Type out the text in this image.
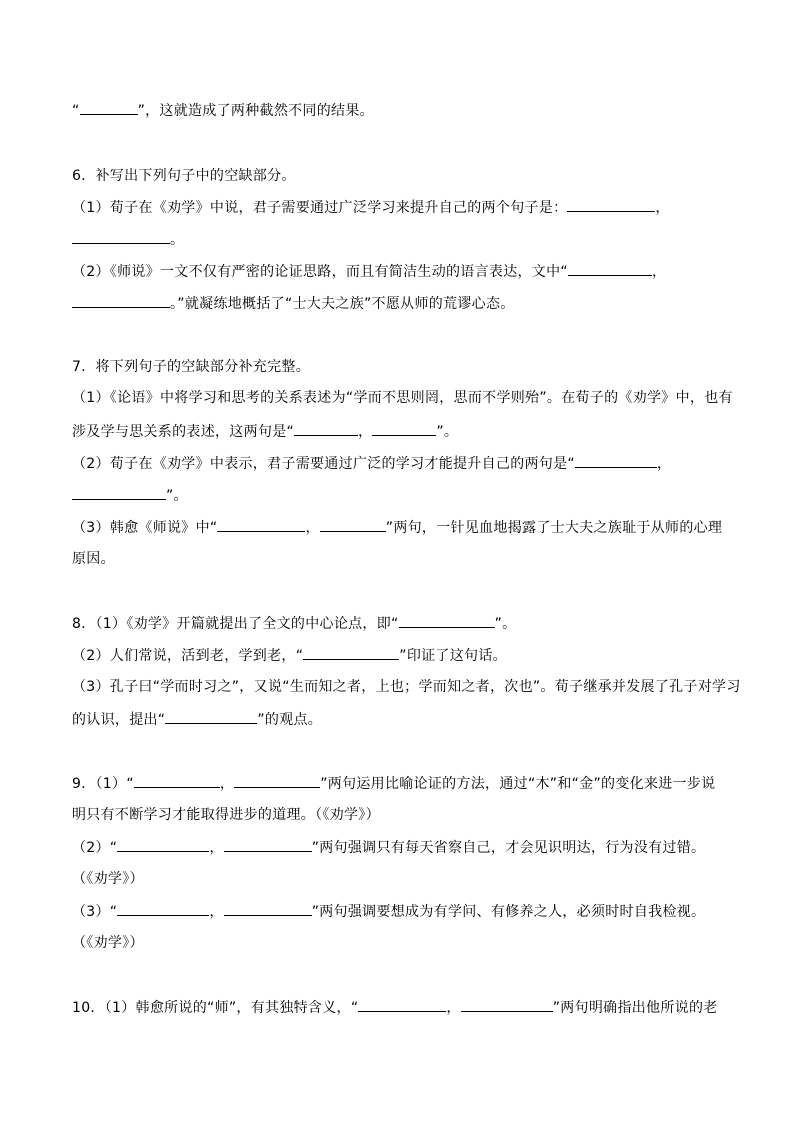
“	”，这就造成了两种截然不同的结果。
6．补写出下列句子中的空缺部分。
（1）荀子在《劝学》中说，君子需要通过广泛学习来提升自己的两个句子是：	，
。
（2）《师说》一文不仅有严密的论证思路，而且有简洁生动的语言表达，文中“	，
。”就凝练地概括了“士大夫之族”不愿从师的荒谬心态。
7．将下列句子的空缺部分补充完整。
（1）《论语》中将学习和思考的关系表述为“学而不思则罔，思而不学则殆”。在荀子的《劝学》中，也有
涉及学与思关系的表述，这两句是“	，	”。
（2）荀子在《劝学》中表示，君子需要通过广泛的学习才能提升自己的两句是“	，
”。
（3）韩愈《师说》中“	，	”两句，一针见血地揭露了士大夫之族耻于从师的心理
原因。
8．（1）《劝学》开篇就提出了全文的中心论点，即“	”。
（2）人们常说，活到老，学到老，“	”印证了这句话。
（3）孔子曰“学而时习之”，又说“生而知之者，上也；学而知之者，次也”。荀子继承并发展了孔子对学习
的认识，提出“	”的观点。
9．（1）“	，	”两句运用比喻论证的方法，通过“木”和“金”的变化来进一步说
明只有不断学习才能取得进步的道理。（《劝学》）
（2）“	，	”两句强调只有每天省察自己，才会见识明达，行为没有过错。
（《劝学》）
（3）“	，	”两句强调要想成为有学问、有修养之人，必须时时自我检视。
（《劝学》）
10．（1）韩愈所说的“师”，有其独特含义，“	，	”两句明确指出他所说的老
